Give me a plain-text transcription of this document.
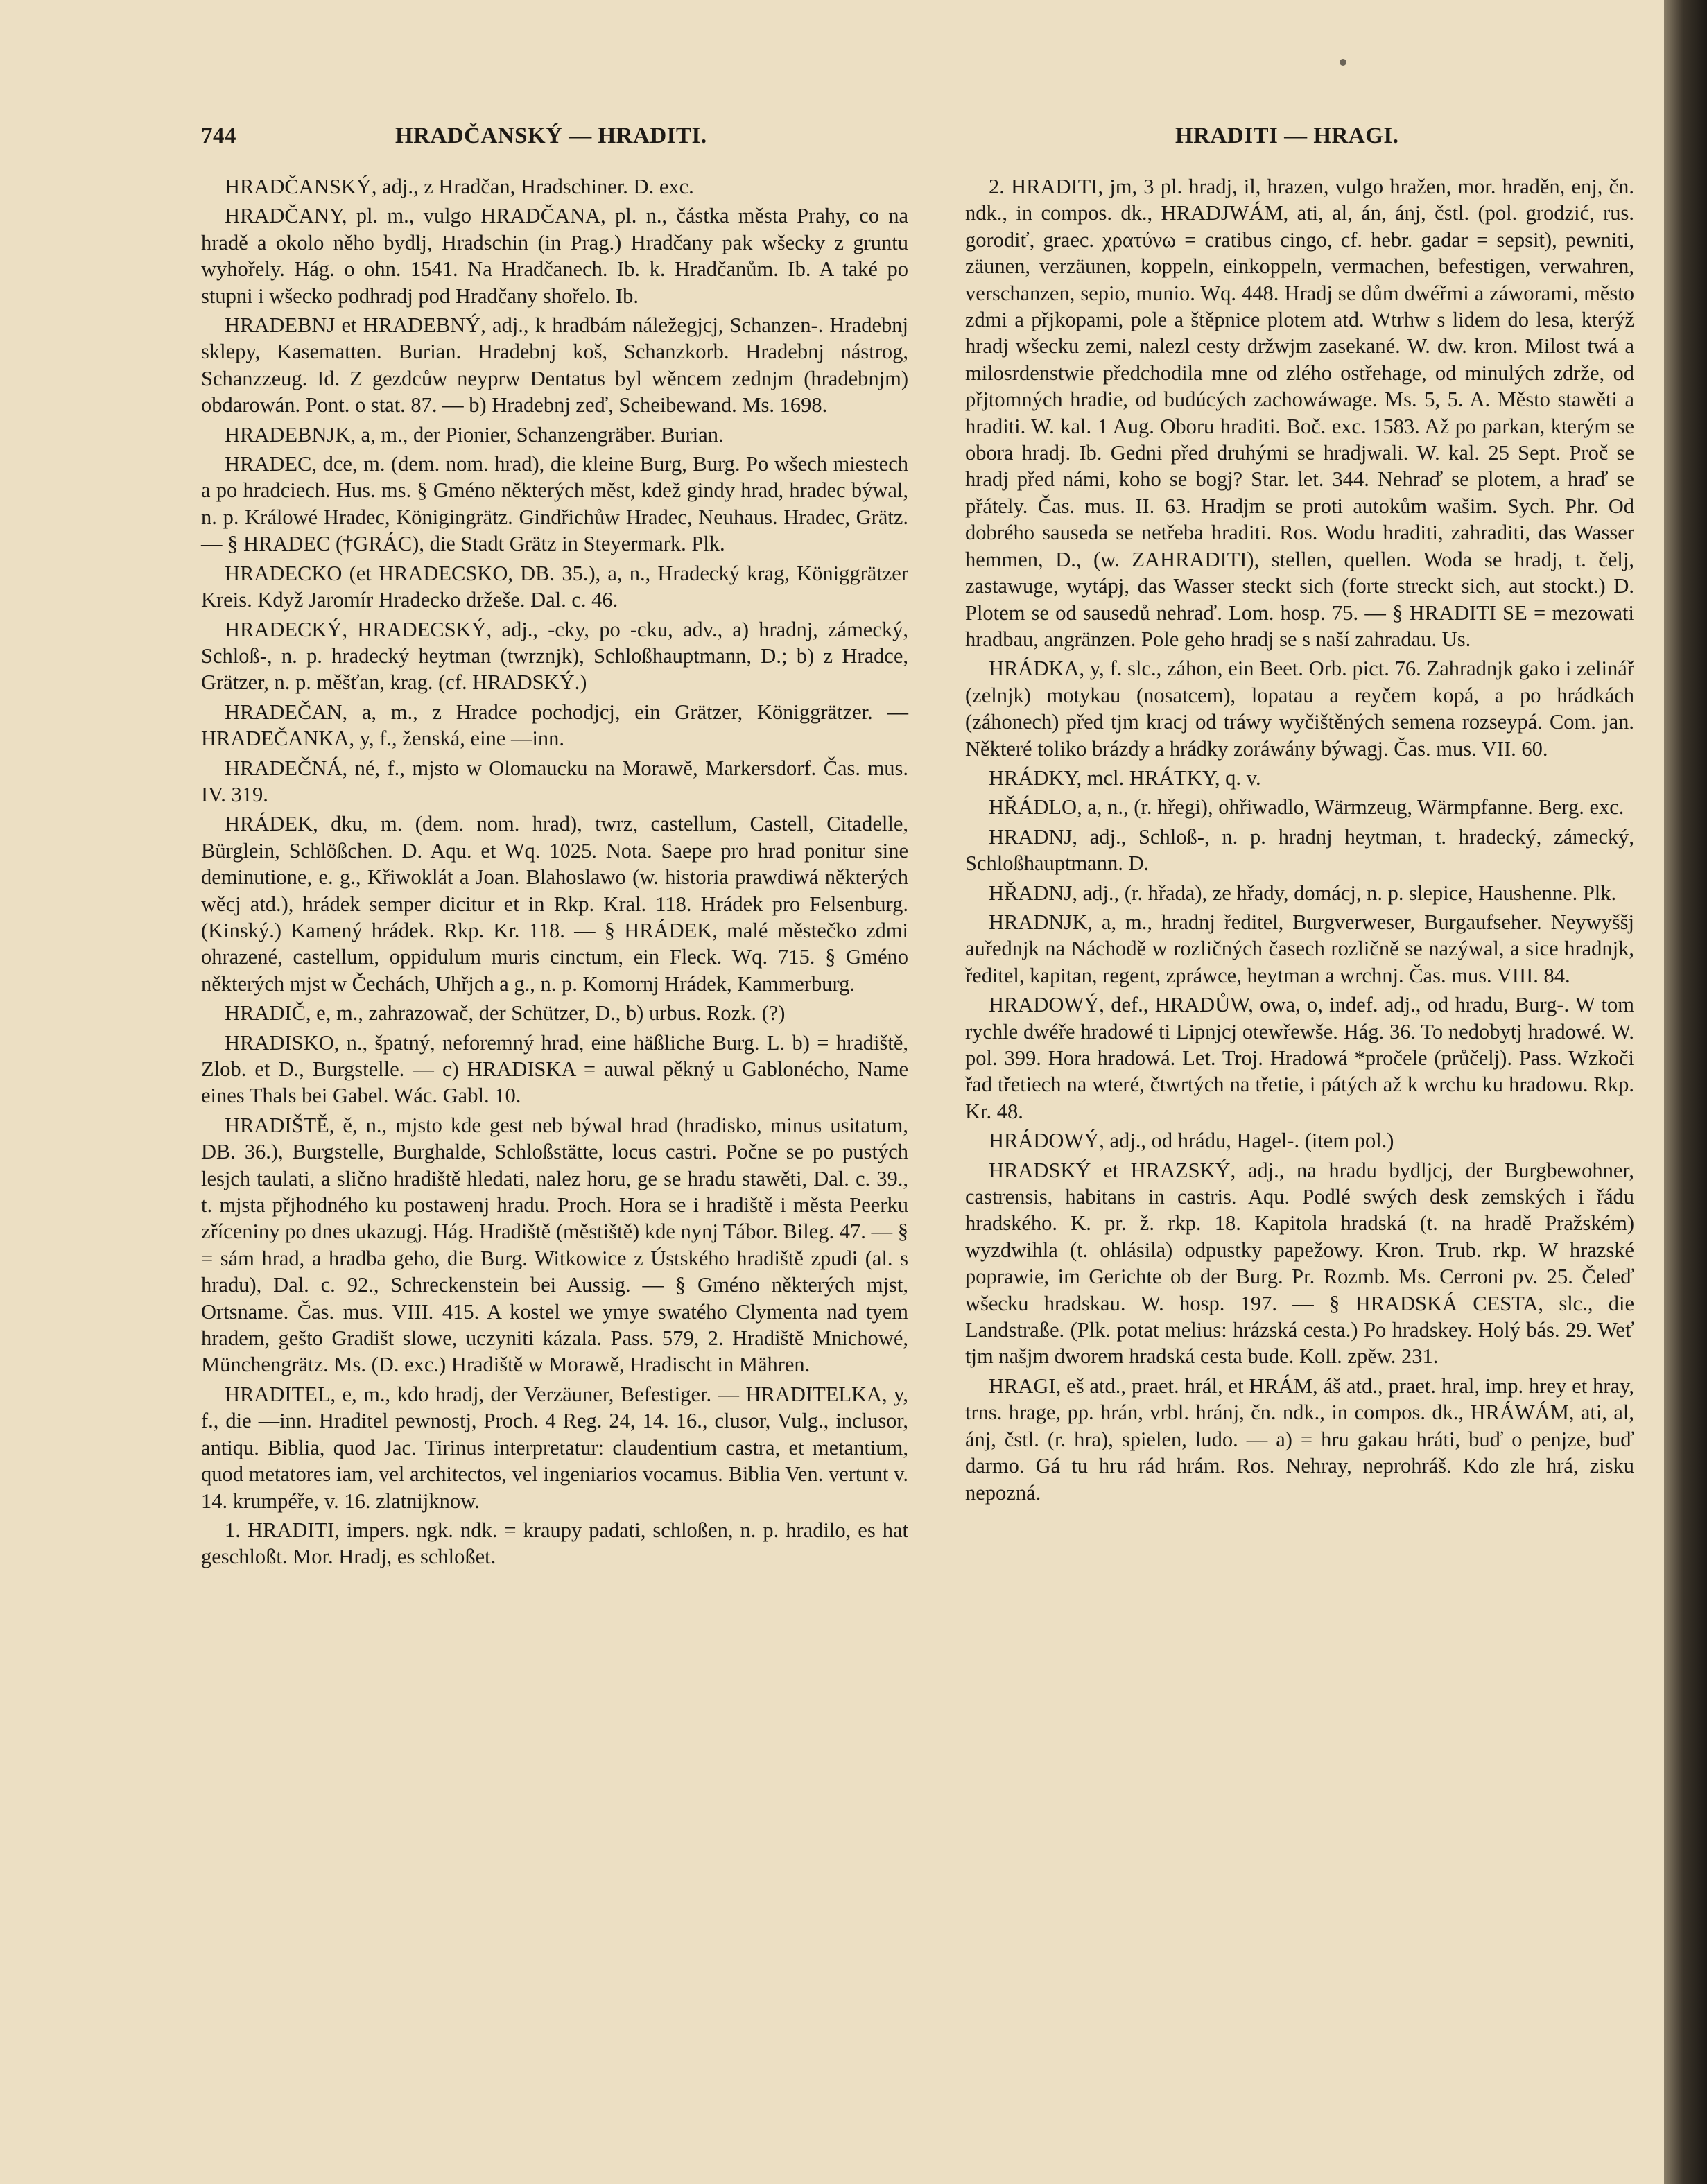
744	HRADČANSKÝ — HRADITI.	HRADITI — HRAGI.

HRADČANSKÝ, adj., z Hradčan, Hradschiner. D. exc.

HRADČANY, pl. m., vulgo HRADČANA, pl. n., částka města Prahy, co na hradě a okolo něho bydlj, Hradschin (in Prag.) Hradčany pak wšecky z gruntu wyhořely. Hág. o ohn. 1541. Na Hradčanech. Ib. k. Hradčanům. Ib. A také po stupni i wšecko podhradj pod Hradčany shořelo. Ib.

HRADEBNJ et HRADEBNÝ, adj., k hradbám náležegjcj, Schanzen-. Hradebnj sklepy, Kasematten. Burian. Hradebnj koš, Schanzkorb. Hradebnj nástrog, Schanzzeug. Id. Z gezdcůw neyprw Dentatus byl wěncem zednjm (hradebnjm) obdarowán. Pont. o stat. 87. — b) Hradebnj zeď, Scheibewand. Ms. 1698.

HRADEBNJK, a, m., der Pionier, Schanzengräber. Burian.

HRADEC, dce, m. (dem. nom. hrad), die kleine Burg, Burg. Po wšech miestech a po hradciech. Hus. ms. § Gméno některých měst, kdež gindy hrad, hradec býwal, n. p. Králowé Hradec, Königingrätz. Gindřichůw Hradec, Neuhaus. Hradec, Grätz. — § HRADEC (†GRÁC), die Stadt Grätz in Steyermark. Plk.

HRADECKO (et HRADECSKO, DB. 35.), a, n., Hradecký krag, Königgrätzer Kreis. Když Jaromír Hradecko držeše. Dal. c. 46.

HRADECKÝ, HRADECSKÝ, adj., -cky, po -cku, adv., a) hradnj, zámecký, Schloß-, n. p. hradecký heytman (twrznjk), Schloßhauptmann, D.; b) z Hradce, Grätzer, n. p. měšťan, krag. (cf. HRADSKÝ.)

HRADEČAN, a, m., z Hradce pochodjcj, ein Grätzer, Königgrätzer. — HRADEČANKA, y, f., ženská, eine —inn.

HRADEČNÁ, né, f., mjsto w Olomaucku na Morawě, Markersdorf. Čas. mus. IV. 319.

HRÁDEK, dku, m. (dem. nom. hrad), twrz, castellum, Castell, Citadelle, Bürglein, Schlößchen. D. Aqu. et Wq. 1025. Nota. Saepe pro hrad ponitur sine deminutione, e. g., Křiwoklát a Joan. Blahoslawo (w. historia prawdiwá některých wěcj atd.), hrádek semper dicitur et in Rkp. Kral. 118. Hrádek pro Felsenburg. (Kinský.) Kamený hrádek. Rkp. Kr. 118. — § HRÁDEK, malé městečko zdmi ohrazené, castellum, oppidulum muris cinctum, ein Fleck. Wq. 715. § Gméno některých mjst w Čechách, Uhřjch a g., n. p. Komornj Hrádek, Kammerburg.

HRADIČ, e, m., zahrazowač, der Schützer, D., b) urbus. Rozk. (?)

HRADISKO, n., špatný, neforemný hrad, eine häßliche Burg. L. b) = hradiště, Zlob. et D., Burgstelle. — c) HRADISKA = auwal pěkný u Gablonécho, Name eines Thals bei Gabel. Wác. Gabl. 10.

HRADIŠTĚ, ě, n., mjsto kde gest neb býwal hrad (hradisko, minus usitatum, DB. 36.), Burgstelle, Burghalde, Schloßstätte, locus castri. Počne se po pustých lesjch taulati, a slično hradiště hledati, nalez horu, ge se hradu stawěti, Dal. c. 39., t. mjsta přjhodného ku postawenj hradu. Proch. Hora se i hradiště i města Peerku zříceniny po dnes ukazugj. Hág. Hradiště (městiště) kde nynj Tábor. Bileg. 47. — § = sám hrad, a hradba geho, die Burg. Witkowice z Ústského hradiště zpudi (al. s hradu), Dal. c. 92., Schreckenstein bei Aussig. — § Gméno některých mjst, Ortsname. Čas. mus. VIII. 415. A kostel we ymye swatého Clymenta nad tyem hradem, gešto Gradišt slowe, uczyniti kázala. Pass. 579, 2. Hradiště Mnichowé, Münchengrätz. Ms. (D. exc.) Hradiště w Morawě, Hradischt in Mähren.

HRADITEL, e, m., kdo hradj, der Verzäuner, Befestiger. — HRADITELKA, y, f., die —inn. Hraditel pewnostj, Proch. 4 Reg. 24, 14. 16., clusor, Vulg., inclusor, antiqu. Biblia, quod Jac. Tirinus interpretatur: claudentium castra, et metantium, quod metatores iam, vel architectos, vel ingeniarios vocamus. Biblia Ven. vertunt v. 14. krumpéře, v. 16. zlatnijknow.

1. HRADITI, impers. ngk. ndk. = kraupy padati, schloßen, n. p. hradilo, es hat geschloßt. Mor. Hradj, es schloßet.

2. HRADITI, jm, 3 pl. hradj, il, hrazen, vulgo hražen, mor. hraděn, enj, čn. ndk., in compos. dk., HRADJWÁM, ati, al, án, ánj, čstl. (pol. grodzić, rus. gorodiť, graec. χρατύνω = cratibus cingo, cf. hebr. gadar = sepsit), pewniti, zäunen, verzäunen, koppeln, einkoppeln, vermachen, befestigen, verwahren, verschanzen, sepio, munio. Wq. 448. Hradj se dům dwéřmi a záworami, město zdmi a přjkopami, pole a štěpnice plotem atd. Wtrhw s lidem do lesa, kterýž hradj wšecku zemi, nalezl cesty držwjm zasekané. W. dw. kron. Milost twá a milosrdenstwie předchodila mne od zlého ostřehage, od minulých zdrže, od přjtomných hradie, od budúcých zachowáwage. Ms. 5, 5. A. Město stawěti a hraditi. W. kal. 1 Aug. Oboru hraditi. Boč. exc. 1583. Až po parkan, kterým se obora hradj. Ib. Gedni před druhými se hradjwali. W. kal. 25 Sept. Proč se hradj před námi, koho se bogj? Star. let. 344. Nehraď se plotem, a hraď se přátely. Čas. mus. II. 63. Hradjm se proti autokům wašim. Sych. Phr. Od dobrého sauseda se netřeba hraditi. Ros. Wodu hraditi, zahraditi, das Wasser hemmen, D., (w. ZAHRADITI), stellen, quellen. Woda se hradj, t. čelj, zastawuge, wytápj, das Wasser steckt sich (forte streckt sich, aut stockt.) D. Plotem se od sausedů nehraď. Lom. hosp. 75. — § HRADITI SE = mezowati hradbau, angränzen. Pole geho hradj se s naší zahradau. Us.

HRÁDKA, y, f. slc., záhon, ein Beet. Orb. pict. 76. Zahradnjk gako i zelinář (zelnjk) motykau (nosatcem), lopatau a reyčem kopá, a po hrádkách (záhonech) před tjm kracj od tráwy wyčištěných semena rozseypá. Com. jan. Některé toliko brázdy a hrádky zoráwány býwagj. Čas. mus. VII. 60.

HRÁDKY, mcl. HRÁTKY, q. v.

HŘÁDLO, a, n., (r. hřegi), ohřiwadlo, Wärmzeug, Wärmpfanne. Berg. exc.

HRADNJ, adj., Schloß-, n. p. hradnj heytman, t. hradecký, zámecký, Schloßhauptmann. D.

HŘADNJ, adj., (r. hřada), ze hřady, domácj, n. p. slepice, Haushenne. Plk.

HRADNJK, a, m., hradnj ředitel, Burgverweser, Burgaufseher. Neywyššj auřednjk na Náchodě w rozličných časech rozličně se nazýwal, a sice hradnjk, ředitel, kapitan, regent, zpráwce, heytman a wrchnj. Čas. mus. VIII. 84.

HRADOWÝ, def., HRADŮW, owa, o, indef. adj., od hradu, Burg-. W tom rychle dwéře hradowé ti Lipnjcj otewřewše. Hág. 36. To nedobytj hradowé. W. pol. 399. Hora hradowá. Let. Troj. Hradowá *pročele (průčelj). Pass. Wzkoči řad třetiech na wteré, čtwrtých na třetie, i pátých až k wrchu ku hradowu. Rkp. Kr. 48.

HRÁDOWÝ, adj., od hrádu, Hagel-. (item pol.)

HRADSKÝ et HRAZSKÝ, adj., na hradu bydljcj, der Burgbewohner, castrensis, habitans in castris. Aqu. Podlé swých desk zemských i řádu hradského. K. pr. ž. rkp. 18. Kapitola hradská (t. na hradě Pražském) wyzdwihla (t. ohlásila) odpustky papežowy. Kron. Trub. rkp. W hrazské poprawie, im Gerichte ob der Burg. Pr. Rozmb. Ms. Cerroni pv. 25. Čeleď wšecku hradskau. W. hosp. 197. — § HRADSKÁ CESTA, slc., die Landstraße. (Plk. potat melius: hrázská cesta.) Po hradskey. Holý bás. 29. Weť tjm našjm dworem hradská cesta bude. Koll. zpěw. 231.

HRAGI, eš atd., praet. hrál, et HRÁM, áš atd., praet. hral, imp. hrey et hray, trns. hrage, pp. hrán, vrbl. hránj, čn. ndk., in compos. dk., HRÁWÁM, ati, al, ánj, čstl. (r. hra), spielen, ludo. — a) = hru gakau hráti, buď o penjze, buď darmo. Gá tu hru rád hrám. Ros. Nehray, neprohráš. Kdo zle hrá, zisku nepozná.
